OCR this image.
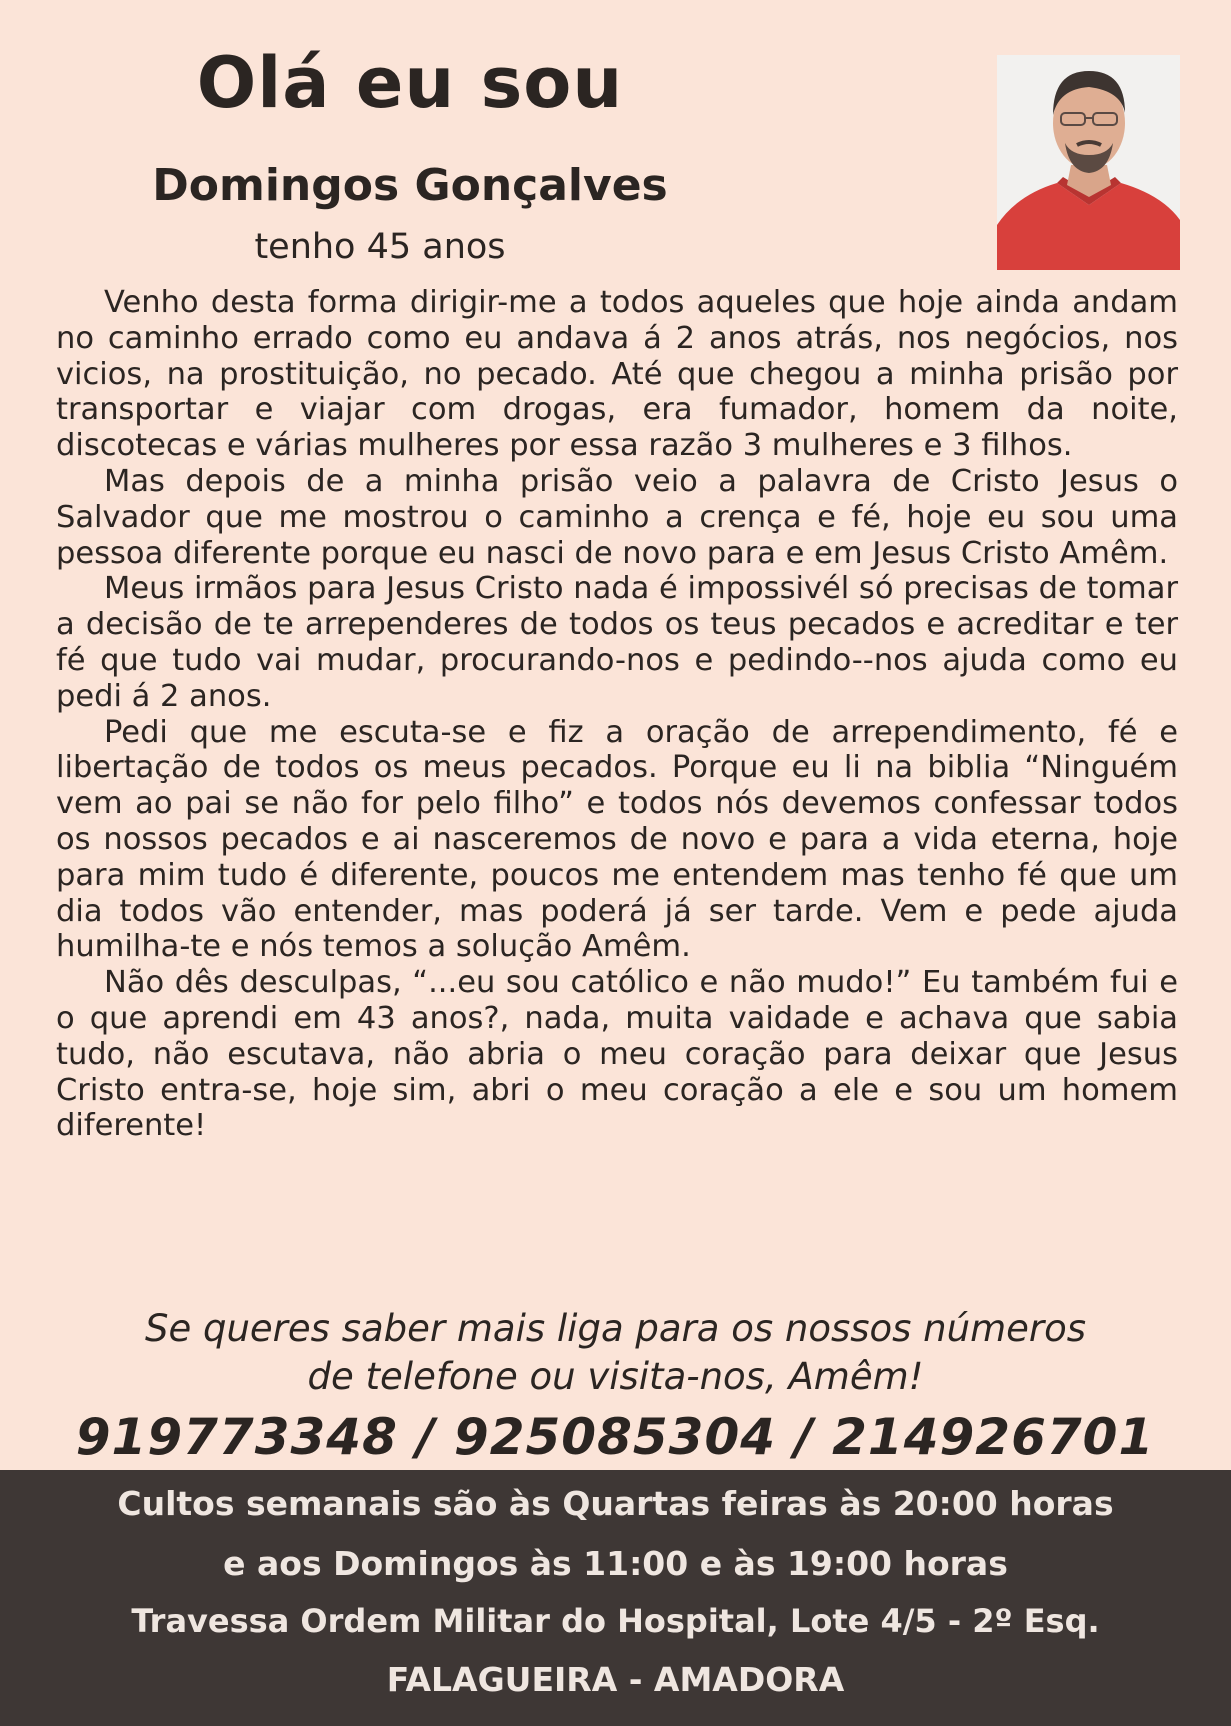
Olá eu sou
Domingos Gonçalves
tenho 45 anos

Venho desta forma dirigir-me a todos aqueles que hoje ainda andam no caminho errado como eu andava á 2 anos atrás, nos negócios, nos vicios, na prostituição, no pecado. Até que chegou a minha prisão por transportar e viajar com drogas, era fumador, homem da noite, discotecas e várias mulheres por essa razão 3 mulheres e 3 filhos.

Mas depois de a minha prisão veio a palavra de Cristo Jesus o Salvador que me mostrou o caminho a crença e fé, hoje eu sou uma pessoa diferente porque eu nasci de novo para e em Jesus Cristo Amêm.

Meus irmãos para Jesus Cristo nada é impossivél só precisas de tomar a decisão de te arrependeres de todos os teus pecados e acreditar e ter fé que tudo vai mudar, procurando-nos e pedindo--nos ajuda como eu pedi á 2 anos.

Pedi que me escuta-se e fiz a oração de arrependimento, fé e libertação de todos os meus pecados. Porque eu li na biblia “Ninguém vem ao pai se não for pelo filho” e todos nós devemos confessar todos os nossos pecados e ai nasceremos de novo e para a vida eterna, hoje para mim tudo é diferente, poucos me entendem mas tenho fé que um dia todos vão entender, mas poderá já ser tarde. Vem e pede ajuda humilha-te e nós temos a solução Amêm.

Não dês desculpas, “...eu sou católico e não mudo!” Eu também fui e o que aprendi em 43 anos?, nada, muita vaidade e achava que sabia tudo, não escutava, não abria o meu coração para deixar que Jesus Cristo entra-se, hoje sim, abri o meu coração a ele e sou um homem diferente!

Se queres saber mais liga para os nossos números
de telefone ou visita-nos, Amêm!
919773348 / 925085304 / 214926701
Cultos semanais são às Quartas feiras às 20:00 horas
e aos Domingos às 11:00 e às 19:00 horas
Travessa Ordem Militar do Hospital, Lote 4/5 - 2º Esq.
FALAGUEIRA - AMADORA
